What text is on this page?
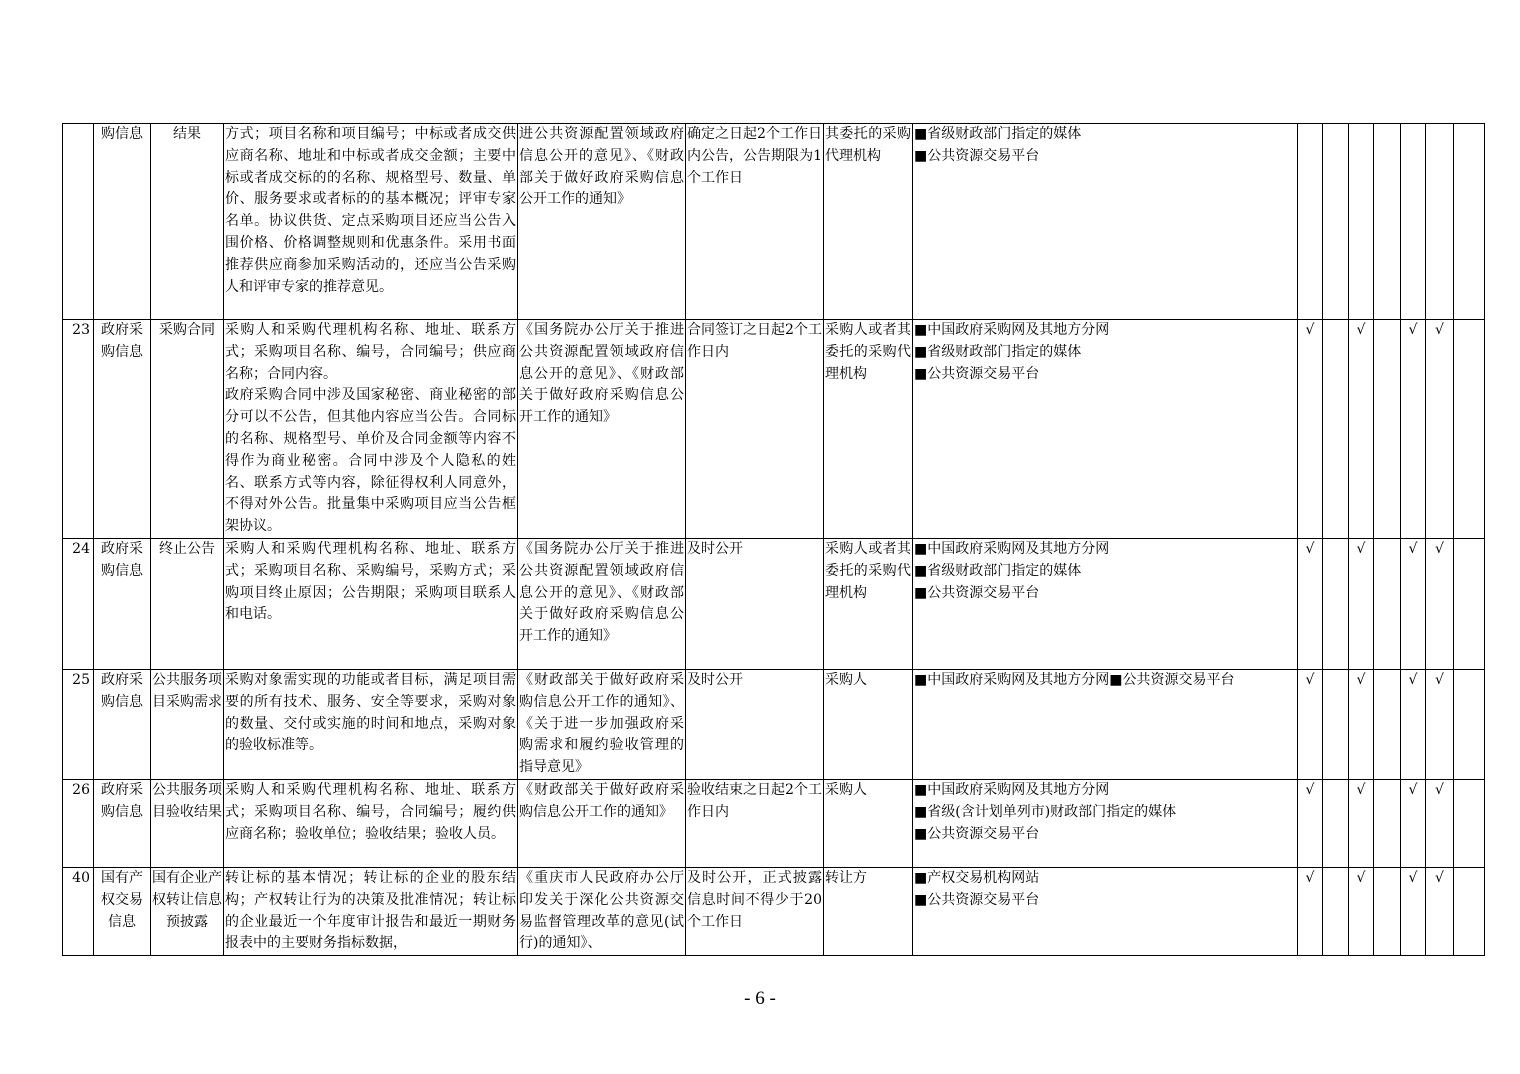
	购信息	结果	方式；项目名称和项目编号；中标或者成交供应商名称、地址和中标或者成交金额；主要中标或者成交标的的名称、规格型号、数量、单价、服务要求或者标的的基本概况；评审专家名单。协议供货、定点采购项目还应当公告入围价格、价格调整规则和优惠条件。采用书面推荐供应商参加采购活动的，还应当公告采购人和评审专家的推荐意见。	进公共资源配置领域政府信息公开的意见》、《财政部关于做好政府采购信息公开工作的通知》	确定之日起2个工作日内公告，公告期限为1个工作日	其委托的采购代理机构	■省级财政部门指定的媒体
■公共资源交易平台							
23	政府采购信息	采购合同	采购人和采购代理机构名称、地址、联系方式；采购项目名称、编号，合同编号；供应商名称；合同内容。
政府采购合同中涉及国家秘密、商业秘密的部分可以不公告，但其他内容应当公告。合同标的名称、规格型号、单价及合同金额等内容不得作为商业秘密。合同中涉及个人隐私的姓名、联系方式等内容，除征得权利人同意外，不得对外公告。批量集中采购项目应当公告框架协议。	《国务院办公厅关于推进公共资源配置领域政府信息公开的意见》、《财政部关于做好政府采购信息公开工作的通知》	合同签订之日起2个工作日内	采购人或者其委托的采购代理机构	■中国政府采购网及其地方分网
■省级财政部门指定的媒体
■公共资源交易平台	√		√		√	√	
24	政府采购信息	终止公告	采购人和采购代理机构名称、地址、联系方式；采购项目名称、采购编号，采购方式；采购项目终止原因；公告期限；采购项目联系人和电话。	《国务院办公厅关于推进公共资源配置领域政府信息公开的意见》、《财政部关于做好政府采购信息公开工作的通知》	及时公开	采购人或者其委托的采购代理机构	■中国政府采购网及其地方分网
■省级财政部门指定的媒体
■公共资源交易平台	√		√		√	√	
25	政府采购信息	公共服务项目采购需求	采购对象需实现的功能或者目标，满足项目需要的所有技术、服务、安全等要求，采购对象的数量、交付或实施的时间和地点，采购对象的验收标准等。	《财政部关于做好政府采购信息公开工作的通知》、《关于进一步加强政府采购需求和履约验收管理的指导意见》	及时公开	采购人	■中国政府采购网及其地方分网■公共资源交易平台	√		√		√	√	
26	政府采购信息	公共服务项目验收结果	采购人和采购代理机构名称、地址、联系方式；采购项目名称、编号，合同编号；履约供应商名称；验收单位；验收结果；验收人员。	《财政部关于做好政府采购信息公开工作的通知》	验收结束之日起2个工作日内	采购人	■中国政府采购网及其地方分网
■省级(含计划单列市)财政部门指定的媒体
■公共资源交易平台	√		√		√	√	
40	国有产权交易信息	国有企业产权转让信息预披露	转让标的基本情况；转让标的企业的股东结构；产权转让行为的决策及批准情况；转让标的企业最近一个年度审计报告和最近一期财务报表中的主要财务指标数据，	《重庆市人民政府办公厅印发关于深化公共资源交易监督管理改革的意见(试行)的通知》、	及时公开，正式披露信息时间不得少于20个工作日	转让方	■产权交易机构网站
■公共资源交易平台	√		√		√	√	
- 6 -
